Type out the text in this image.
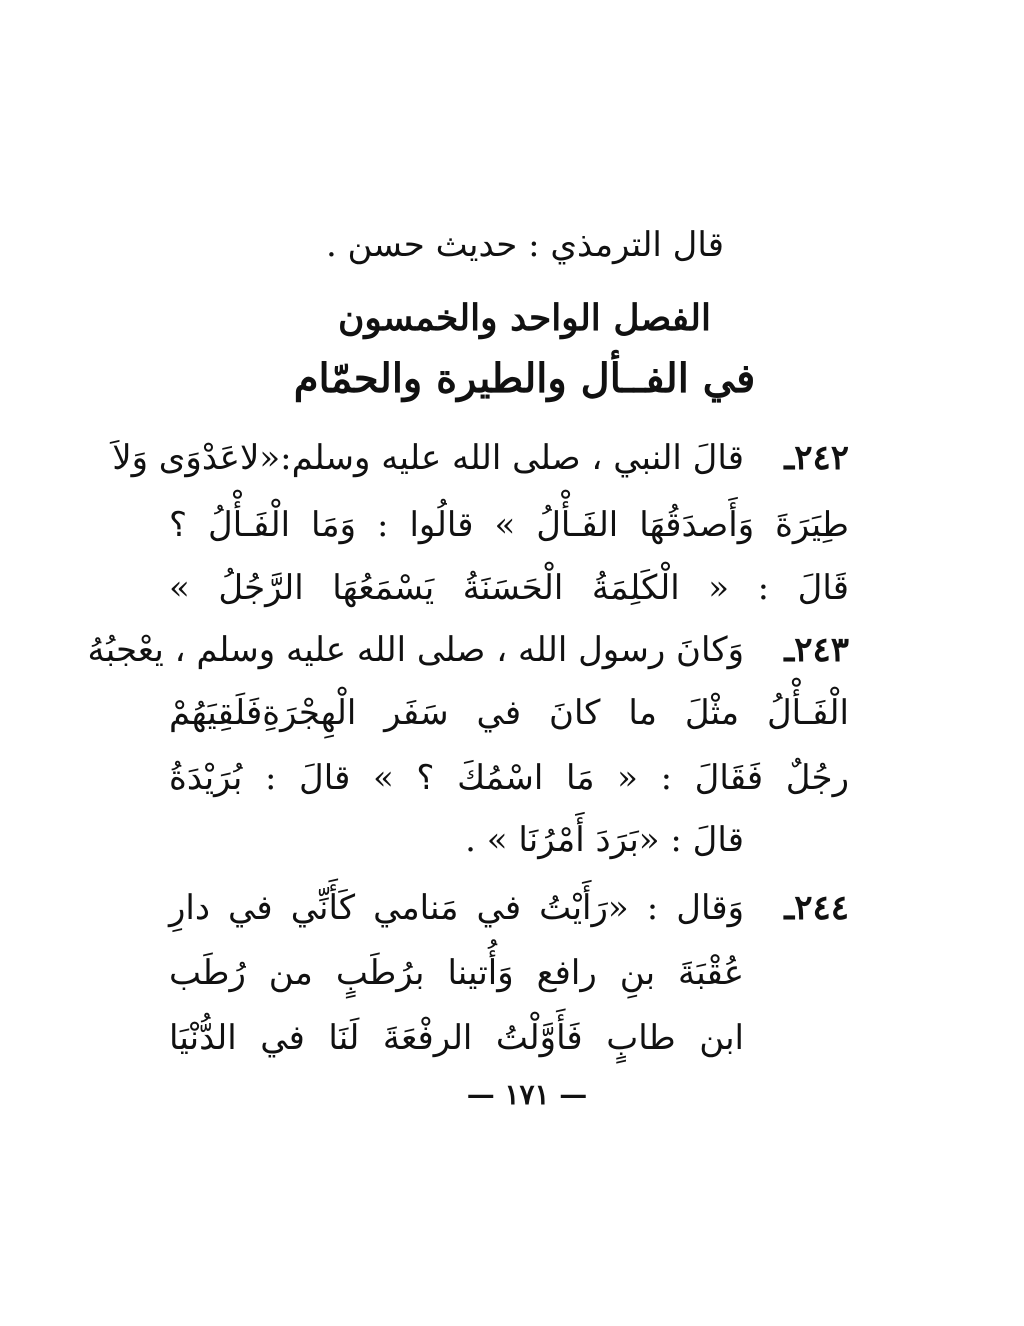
قال الترمذي : حديث حسن .
الفصل الواحد والخمسون
في الفــأل والطيرة والحمّام
٢٤٢ـ
قالَ النبي ، صلى الله عليه وسلم:«لاعَدْوَى وَلاَ
طِيَرَةَ وَأَصدَقُهَا الفَـأْلُ » قالُوا : وَمَا الْفَـأْلُ ؟
قَالَ : « الْكَلِمَةُ الْحَسَنَةُ يَسْمَعُهَا الرَّجُلُ »
٢٤٣ـ
وَكانَ رسول الله ، صلى الله عليه وسلم ، يعْجبُهُ
الْفَـأْلُ مثْلَ ما كانَ في سَفَر الْهِجْرَةِفَلَقِيَهُمْ
رجُلٌ فَقَالَ : « مَا اسْمُكَ ؟ » قالَ : بُرَيْدَةُ
قالَ : «بَرَدَ أَمْرُنَا » .
٢٤٤ـ
وَقال : «رَأَيْتُ في مَنامي كَأَنِّي في دارِ
عُقْبَةَ بنِ رافع وَأُتينا برُطَبٍ من رُطَب
ابن طابٍ فَأَوَّلْتُ الرفْعَةَ لَنَا في الدُّنْيَا
— ١٧١ —
